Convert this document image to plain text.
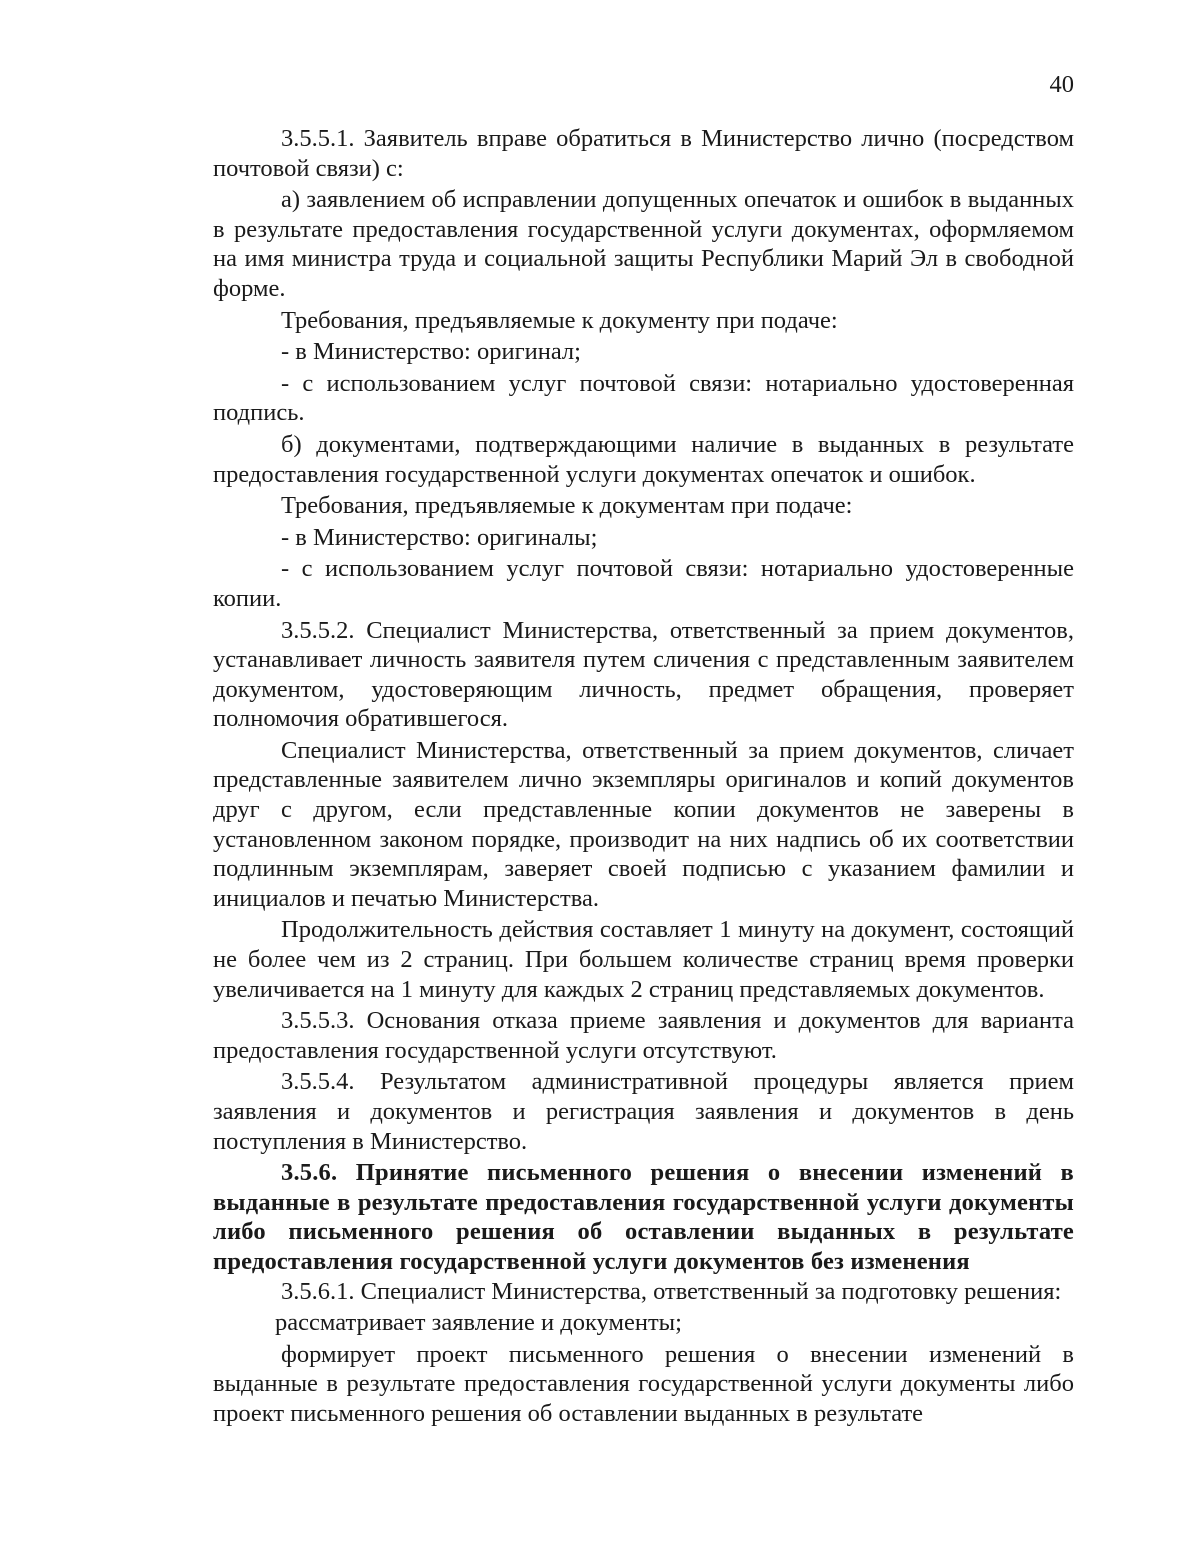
40

3.5.5.1. Заявитель вправе обратиться в Министерство лично (посредством почтовой связи) с:

а) заявлением об исправлении допущенных опечаток и ошибок в выданных в результате предоставления государственной услуги документах, оформляемом на имя министра труда и социальной защиты Республики Марий Эл в свободной форме.

Требования, предъявляемые к документу при подаче:

- в Министерство: оригинал;

- с использованием услуг почтовой связи: нотариально удостоверенная подпись.

б) документами, подтверждающими наличие в выданных в результате предоставления государственной услуги документах опечаток и ошибок.

Требования, предъявляемые к документам при подаче:

- в Министерство: оригиналы;

- с использованием услуг почтовой связи: нотариально удостоверенные копии.

3.5.5.2. Специалист Министерства, ответственный за прием документов, устанавливает личность заявителя путем сличения с представленным заявителем документом, удостоверяющим личность, предмет обращения, проверяет полномочия обратившегося.

Специалист Министерства, ответственный за прием документов, сличает представленные заявителем лично экземпляры оригиналов и копий документов друг с другом, если представленные копии документов не заверены в установленном законом порядке, производит на них надпись об их соответствии подлинным экземплярам, заверяет своей подписью с указанием фамилии и инициалов и печатью Министерства.

Продолжительность действия составляет 1 минуту на документ, состоящий не более чем из 2 страниц. При большем количестве страниц время проверки увеличивается на 1 минуту для каждых 2 страниц представляемых документов.

3.5.5.3. Основания отказа приеме заявления и документов для варианта предоставления государственной услуги отсутствуют.

3.5.5.4. Результатом административной процедуры является прием заявления и документов и регистрация заявления и документов в день поступления в Министерство.

3.5.6. Принятие письменного решения о внесении изменений в выданные в результате предоставления государственной услуги документы либо письменного решения об оставлении выданных в результате предоставления государственной услуги документов без изменения

3.5.6.1. Специалист Министерства, ответственный за подготовку решения:

рассматривает заявление и документы;

формирует проект письменного решения о внесении изменений в выданные в результате предоставления государственной услуги документы либо проект письменного решения об оставлении выданных в результате
